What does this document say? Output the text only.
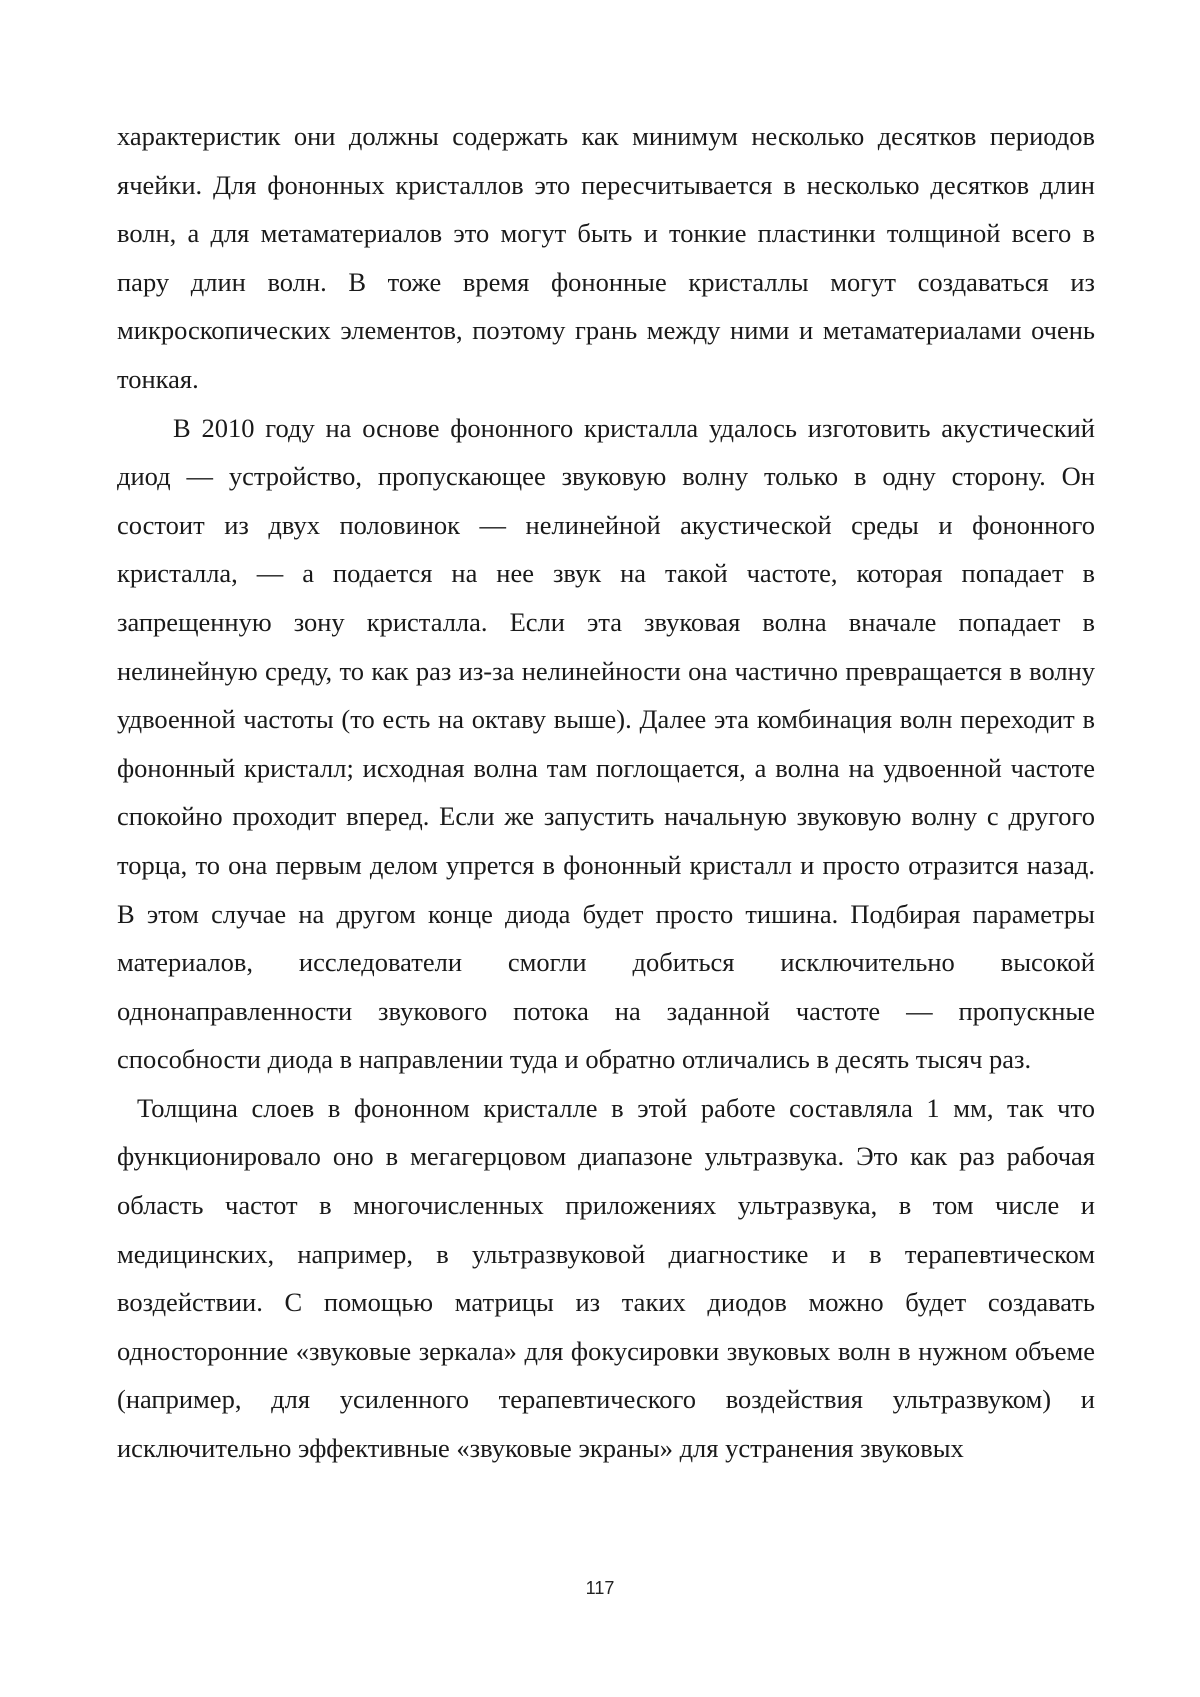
характеристик они должны содержать как минимум несколько десятков периодов ячейки. Для фононных кристаллов это пересчитывается в несколько десятков длин волн, а для метаматериалов это могут быть и тонкие пластинки толщиной всего в пару длин волн. В тоже время фононные кристаллы могут создаваться из микроскопических элементов, поэтому грань между ними и метаматериалами очень тонкая.

В 2010 году на основе фононного кристалла удалось изготовить акустический диод — устройство, пропускающее звуковую волну только в одну сторону. Он состоит из двух половинок — нелинейной акустической среды и фононного кристалла, — а подается на нее звук на такой частоте, которая попадает в запрещенную зону кристалла. Если эта звуковая волна вначале попадает в нелинейную среду, то как раз из-за нелинейности она частично превращается в волну удвоенной частоты (то есть на октаву выше). Далее эта комбинация волн переходит в фононный кристалл; исходная волна там поглощается, а волна на удвоенной частоте спокойно проходит вперед. Если же запустить начальную звуковую волну с другого торца, то она первым делом упрется в фононный кристалл и просто отразится назад. В этом случае на другом конце диода будет просто тишина. Подбирая параметры материалов, исследователи смогли добиться исключительно высокой однонаправленности звукового потока на заданной частоте — пропускные способности диода в направлении туда и обратно отличались в десять тысяч раз.

Толщина слоев в фононном кристалле в этой работе составляла 1 мм, так что функционировало оно в мегагерцовом диапазоне ультразвука. Это как раз рабочая область частот в многочисленных приложениях ультразвука, в том числе и медицинских, например, в ультразвуковой диагностике и в терапевтическом воздействии. С помощью матрицы из таких диодов можно будет создавать односторонние «звуковые зеркала» для фокусировки звуковых волн в нужном объеме (например, для усиленного терапевтического воздействия ультразвуком) и исключительно эффективные «звуковые экраны» для устранения звуковых

117
